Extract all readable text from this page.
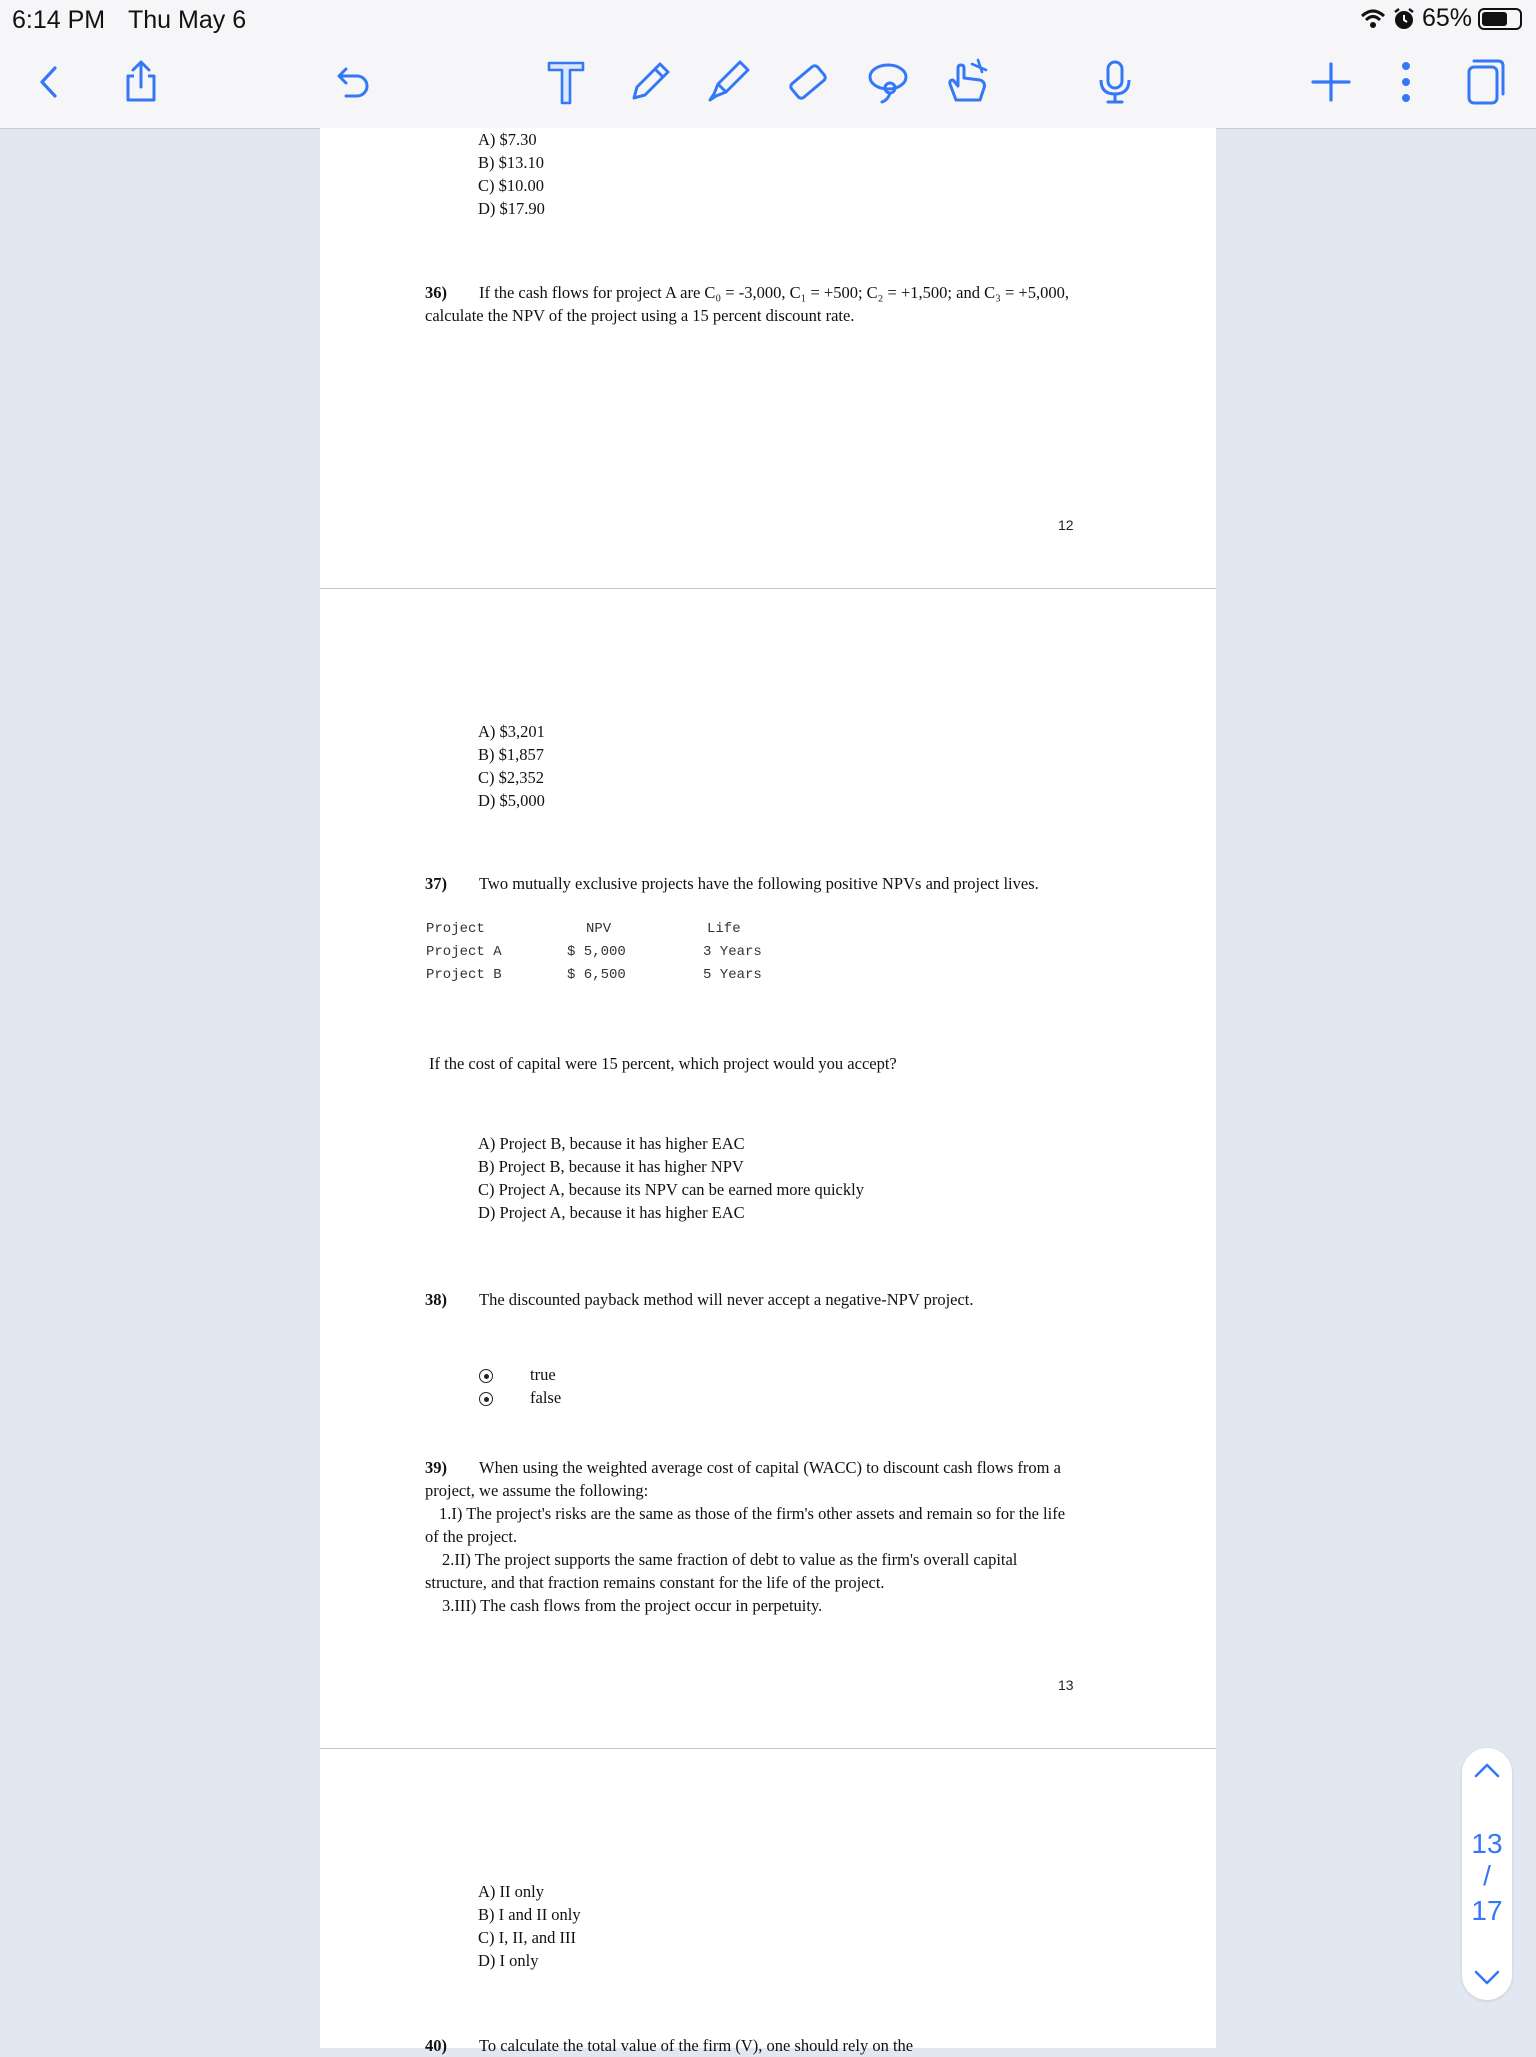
6:14 PM Thu May 6	65%
A) $7.30
B) $13.10
C) $10.00
D) $17.90
36) If the cash flows for project A are C₀ = -3,000, C₁ = +500; C₂ = +1,500; and C₃ = +5,000,
calculate the NPV of the project using a 15 percent discount rate.
12
A) $3,201
B) $1,857
C) $2,352
D) $5,000
37) Two mutually exclusive projects have the following positive NPVs and project lives.
Project	NPV	Life
Project A	$ 5,000	3 Years
Project B	$ 6,500	5 Years
If the cost of capital were 15 percent, which project would you accept?
A) Project B, because it has higher EAC
B) Project B, because it has higher NPV
C) Project A, because its NPV can be earned more quickly
D) Project A, because it has higher EAC
38) The discounted payback method will never accept a negative-NPV project.
true
false
39) When using the weighted average cost of capital (WACC) to discount cash flows from a
project, we assume the following:
1.I) The project's risks are the same as those of the firm's other assets and remain so for the life
of the project.
2.II) The project supports the same fraction of debt to value as the firm's overall capital
structure, and that fraction remains constant for the life of the project.
3.III) The cash flows from the project occur in perpetuity.
13
A) II only
B) I and II only
C) I, II, and III
D) I only
40) To calculate the total value of the firm (V), one should rely on the
13
/
17
